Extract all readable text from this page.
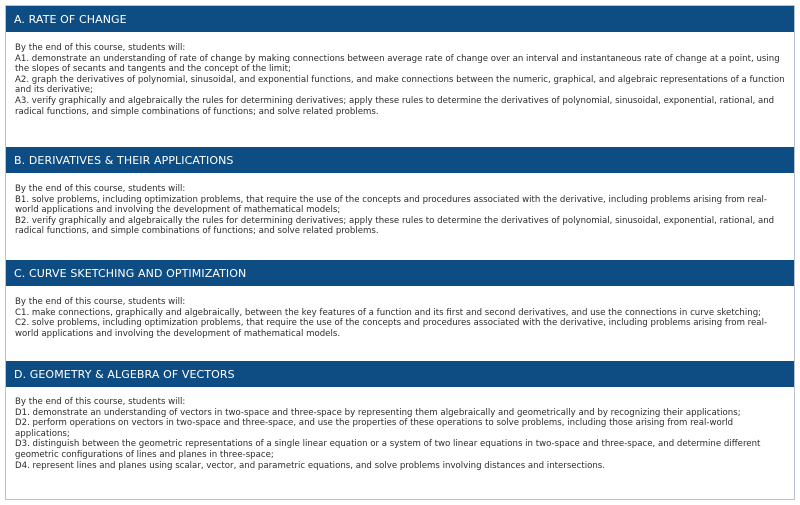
A. RATE OF CHANGE
By the end of this course, students will:
A1. demonstrate an understanding of rate of change by making connections between average rate of change over an interval and instantaneous rate of change at a point, using the slopes of secants and tangents and the concept of the limit;
A2. graph the derivatives of polynomial, sinusoidal, and exponential functions, and make connections between the numeric, graphical, and algebraic representations of a function and its derivative;
A3. verify graphically and algebraically the rules for determining derivatives; apply these rules to determine the derivatives of polynomial, sinusoidal, exponential, rational, and radical functions, and simple combinations of functions; and solve related problems.
B. DERIVATIVES & THEIR APPLICATIONS
By the end of this course, students will:
B1. solve problems, including optimization problems, that require the use of the concepts and procedures associated with the derivative, including problems arising from real-world applications and involving the development of mathematical models;
B2. verify graphically and algebraically the rules for determining derivatives; apply these rules to determine the derivatives of polynomial, sinusoidal, exponential, rational, and radical functions, and simple combinations of functions; and solve related problems.
C. CURVE SKETCHING AND OPTIMIZATION
By the end of this course, students will:
C1. make connections, graphically and algebraically, between the key features of a function and its first and second derivatives, and use the connections in curve sketching;
C2. solve problems, including optimization problems, that require the use of the concepts and procedures associated with the derivative, including problems arising from real-world applications and involving the development of mathematical models.
D. GEOMETRY & ALGEBRA OF VECTORS
By the end of this course, students will:
D1. demonstrate an understanding of vectors in two-space and three-space by representing them algebraically and geometrically and by recognizing their applications;
D2. perform operations on vectors in two-space and three-space, and use the properties of these operations to solve problems, including those arising from real-world applications;
D3. distinguish between the geometric representations of a single linear equation or a system of two linear equations in two-space and three-space, and determine different geometric configurations of lines and planes in three-space;
D4. represent lines and planes using scalar, vector, and parametric equations, and solve problems involving distances and intersections.
